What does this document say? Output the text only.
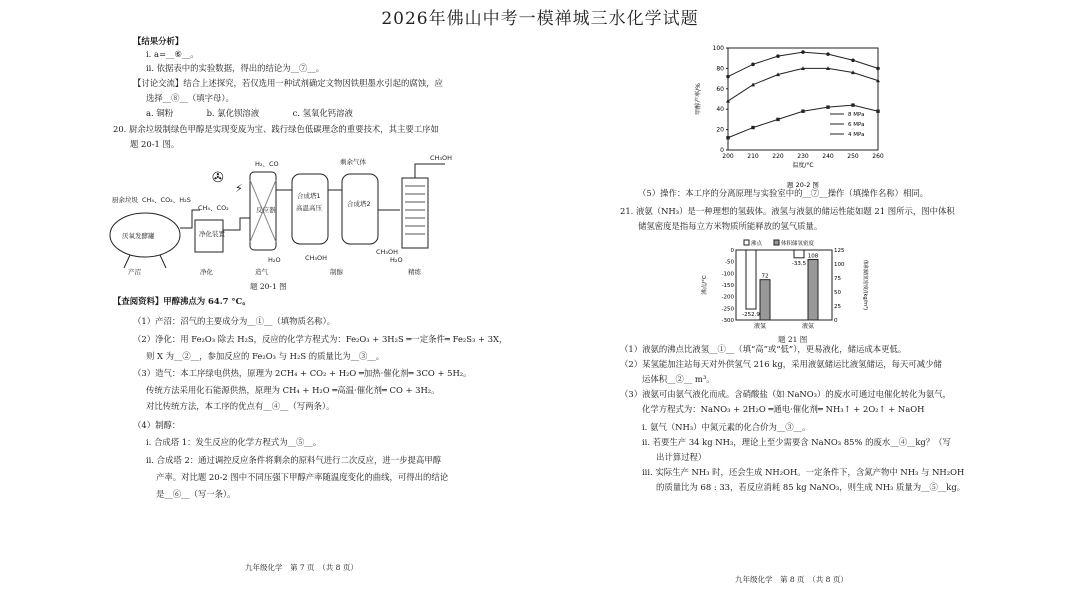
2026年佛山中考一模禅城三水化学试题
【结果分析】
i. a=__⑥__。
ii. 依据表中的实验数据，得出的结论为__⑦__。
【讨论交流】结合上述探究，若仅选用一种试剂确定文物因铁胆墨水引起的腐蚀，应
选择__⑧__（填字母）。
a. 铜粉　　　　b. 氯化钡溶液　　　　c. 氢氧化钙溶液
20. 厨余垃圾制绿色甲醇是实现变废为宝、践行绿色低碳理念的重要技术，其主要工序如
题 20-1 图。
厨余垃圾
厌氧发酵罐
CH₄、CO₂、H₂S
净化装置
CH₄、CO₂
✇
⚡
反应器
H₂、CO
H₂O
合成塔1
高温高压
CH₃OH
合成塔2
剩余气体
CH₃OH
H₂O
CH₃OH
产沼	净化	造气	制醇	精练
题 20-1 图
【查阅资料】甲醇沸点为 64.7 °C。
（1）产沼：沼气的主要成分为__①__（填物质名称）。
（2）净化：用 Fe₂O₃ 除去 H₂S，反应的化学方程式为：Fe₂O₃ + 3H₂S ═一定条件═ Fe₂S₃ + 3X，
则 X 为__②__，参加反应的 Fe₂O₃ 与 H₂S 的质量比为__③__。
（3）造气：本工序绿电供热，原理为 2CH₄ + CO₂ + H₂O ═加热·催化剂═ 3CO + 5H₂。
传统方法采用化石能源供热，原理为 CH₄ + H₂O ═高温·催化剂═ CO + 3H₂。
对比传统方法，本工序的优点有__④__（写两条）。
（4）制醇：
i. 合成塔 1：发生反应的化学方程式为__⑤__。
ii. 合成塔 2：通过调控反应条件将剩余的原料气进行二次反应，进一步提高甲醇
产率。对比题 20-2 图中不同压强下甲醇产率随温度变化的曲线，可得出的结论
是__⑥__（写一条）。
九年级化学　第 7 页　（共 8 页）
0
20
40
60
80
100
200 210 220 230 240 250 260
温度/°C
甲醇产率/%
8 MPa
6 MPa
4 MPa
题 20-2 图
（5）操作：本工序的分离原理与实验室中的__⑦__操作（填操作名称）相同。
21. 液氨（NH₃）是一种理想的氢载体。液氢与液氨的储运性能如题 21 图所示，图中体积
储氢密度是指每立方米物质所能释放的氢气质量。
-300
-250
-200
-150
-100
-50
0
0
25
50
75
100
125
沸点/°C	体积储氢密度/(kg/m³)
沸点	体积储氢密度
-252.9
72
液氢
-33.5
108
液氨
题 21 图
（1）液氨的沸点比液氢__①__（填“高”或“低”），更易液化，储运成本更低。
（2）某氢能加注站每天对外供氢气 216 kg，采用液氨储运比液氢储运，每天可减少储
运体积__②__ m³。
（3）液氨可由氨气液化而成。含硝酸盐（如 NaNO₃）的废水可通过电催化转化为氨气，
化学方程式为：NaNO₃ + 2H₂O ═通电·催化剂═ NH₃↑ + 2O₂↑ + NaOH
i. 氨气（NH₃）中氮元素的化合价为__③__。
ii. 若要生产 34 kg NH₃，理论上至少需要含 NaNO₃ 85% 的废水__④__kg？（写
出计算过程）
iii. 实际生产 NH₃ 时，还会生成 NH₂OH。一定条件下，含氮产物中 NH₃ 与 NH₂OH
的质量比为 68 : 33，若反应消耗 85 kg NaNO₃，则生成 NH₃ 质量为__⑤__kg。
九年级化学　第 8 页　（共 8 页）
